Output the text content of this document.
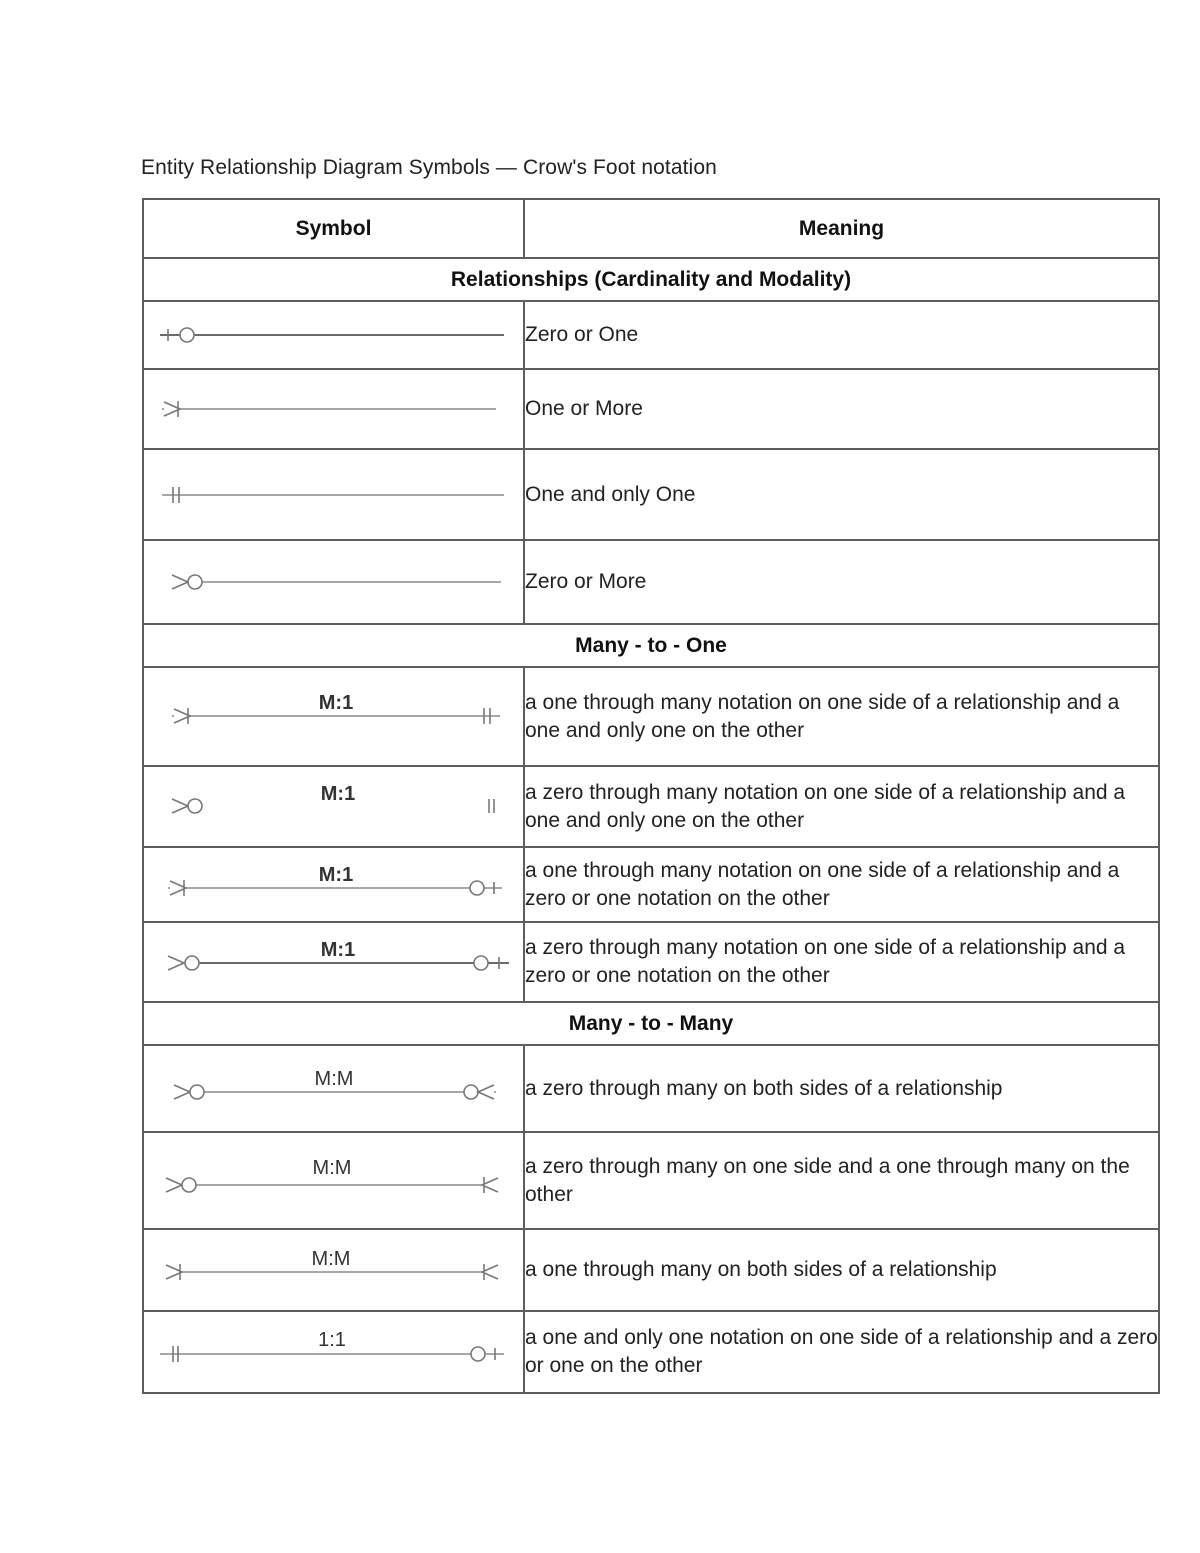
Entity Relationship Diagram Symbols — Crow's Foot notation
Symbol	Meaning
Relationships (Cardinality and Modality)	

	Zero or One

	One or More

	One and only One

	Zero or More
Many - to - One	

M:1	a one through many notation on one side of a relationship and a one and only one on the other

M:1	a zero through many notation on one side of a relationship and a one and only one on the other

M:1	a one through many notation on one side of a relationship and a zero or one notation on the other

M:1	a zero through many notation on one side of a relationship and a zero or one notation on the other
Many - to - Many	

M:M	a zero through many on both sides of a relationship

M:M	a zero through many on one side and a one through many on the other

M:M	a one through many on both sides of a relationship

1:1	a one and only one notation on one side of a relationship and a zero or one on the other
